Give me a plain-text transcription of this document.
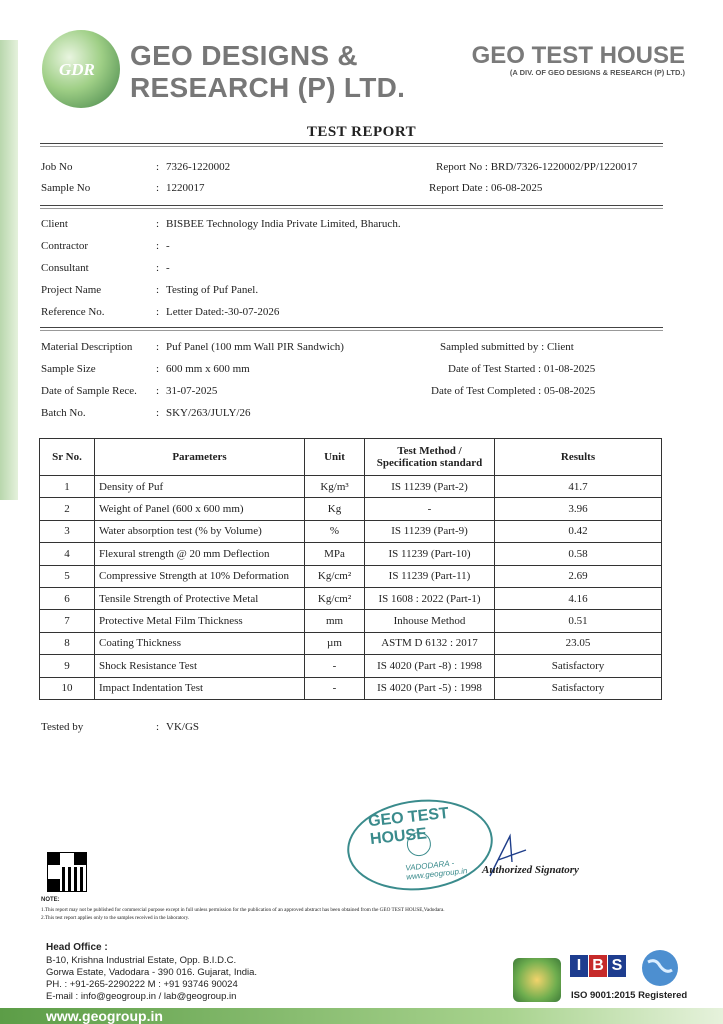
GDR GEO DESIGNS &
RESEARCH (P) LTD.
GEO TEST HOUSE
(A DIV. OF GEO DESIGNS & RESEARCH (P) LTD.)
TEST REPORT
Job No	: 7326-1220002	Report No : BRD/7326-1220002/PP/1220017
Sample No	: 1220017	Report Date : 06-08-2025
Client	: BISBEE Technology India Private Limited, Bharuch.
Contractor	: -
Consultant	: -
Project Name	: Testing of Puf Panel.
Reference No.	: Letter Dated:-30-07-2026
Material Description : Puf Panel (100 mm Wall PIR Sandwich)	Sampled submitted by : Client
Sample Size	: 600 mm x 600 mm	Date of Test Started : 01-08-2025
Date of Sample Rece. : 31-07-2025	Date of Test Completed : 05-08-2025
Batch No.	: SKY/263/JULY/26
Sr No.	Parameters	Unit	Test Method / Specification standard	Results
1	Density of Puf	Kg/m³	IS 11239 (Part-2)	41.7
2	Weight of Panel (600 x 600 mm)	Kg	-	3.96
3	Water absorption test (% by Volume)	%	IS 11239 (Part-9)	0.42
4	Flexural strength @ 20 mm Deflection	MPa	IS 11239 (Part-10)	0.58
5	Compressive Strength at 10% Deformation	Kg/cm²	IS 11239 (Part-11)	2.69
6	Tensile Strength of Protective Metal	Kg/cm²	IS 1608 : 2022 (Part-1)	4.16
7	Protective Metal Film Thickness	mm	Inhouse Method	0.51
8	Coating Thickness	µm	ASTM D 6132 : 2017	23.05
9	Shock Resistance Test	-	IS 4020 (Part -8) : 1998	Satisfactory
10	Impact Indentation Test	-	IS 4020 (Part -5) : 1998	Satisfactory
Tested by	: VK/GS
GEO TEST HOUSE
VADODARA - www.geogroup.in	Authorized Signatory
NOTE:
1.This report may not be published for commercial purpose except in full unless permission for the publication of an approved abstract has been obtained from the GEO TEST HOUSE,Vadodara.
2.This test report applies only to the samples received in the laboratory.
Head Office :
B-10, Krishna Industrial Estate, Opp. B.I.D.C.
Gorwa Estate, Vadodara - 390 016. Gujarat, India.
PH. : +91-265-2290222 M : +91 93746 90024
E-mail : info@geogroup.in / lab@geogroup.in
I B S
ISO 9001:2015 Registered
www.geogroup.in
